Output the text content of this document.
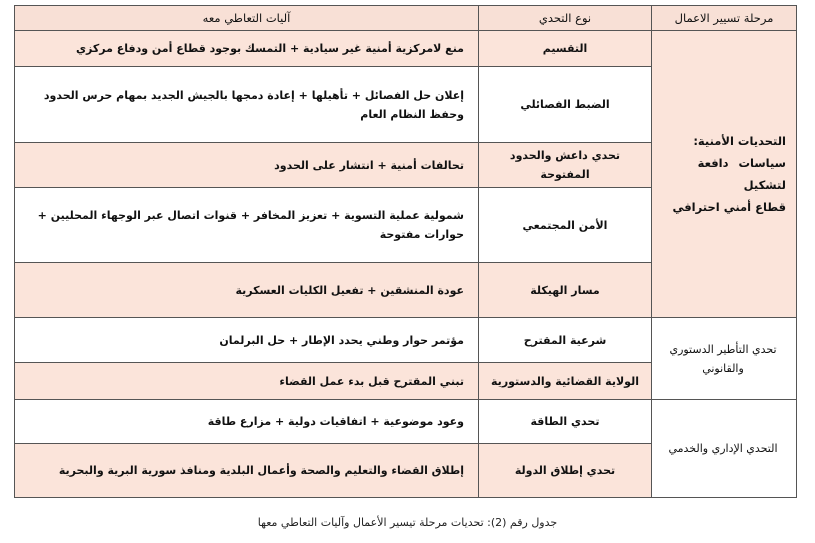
مرحلة تسيير الاعمال	نوع التحدي	آليات التعاطي معه
التحديات الأمنية:
سياسات دافعة لتشكيل
قطاع أمني احترافي	التقسيم	منع لامركزية أمنية غير سيادية + التمسك بوجود قطاع أمن ودفاع مركزي
	الضبط الفصائلي	إعلان حل الفصائل + تأهيلها + إعادة دمجها بالجيش الجديد بمهام حرس الحدود وحفظ النظام العام
	تحدي داعش والحدود المفتوحة	تحالفات أمنية + انتشار على الحدود
	الأمن المجتمعي	شمولية عملية التسوية + تعزيز المخافر + قنوات اتصال عبر الوجهاء المحليين + حوارات مفتوحة
	مسار الهيكلة	عودة المنشقين + تفعيل الكليات العسكرية
تحدي التأطير الدستوري
والقانوني	شرعية المقترح	مؤتمر حوار وطني يحدد الإطار + حل البرلمان
	الولاية القضائية والدستورية	تبني المقترح قبل بدء عمل القضاء
التحدي الإداري والخدمي	تحدي الطاقة	وعود موضوعية + اتفاقيات دولية + مزارع طاقة
	تحدي إطلاق الدولة	إطلاق القضاء والتعليم والصحة وأعمال البلدية ومنافذ سورية البرية والبحرية
جدول رقم (2): تحديات مرحلة تيسير الأعمال وآليات التعاطي معها
